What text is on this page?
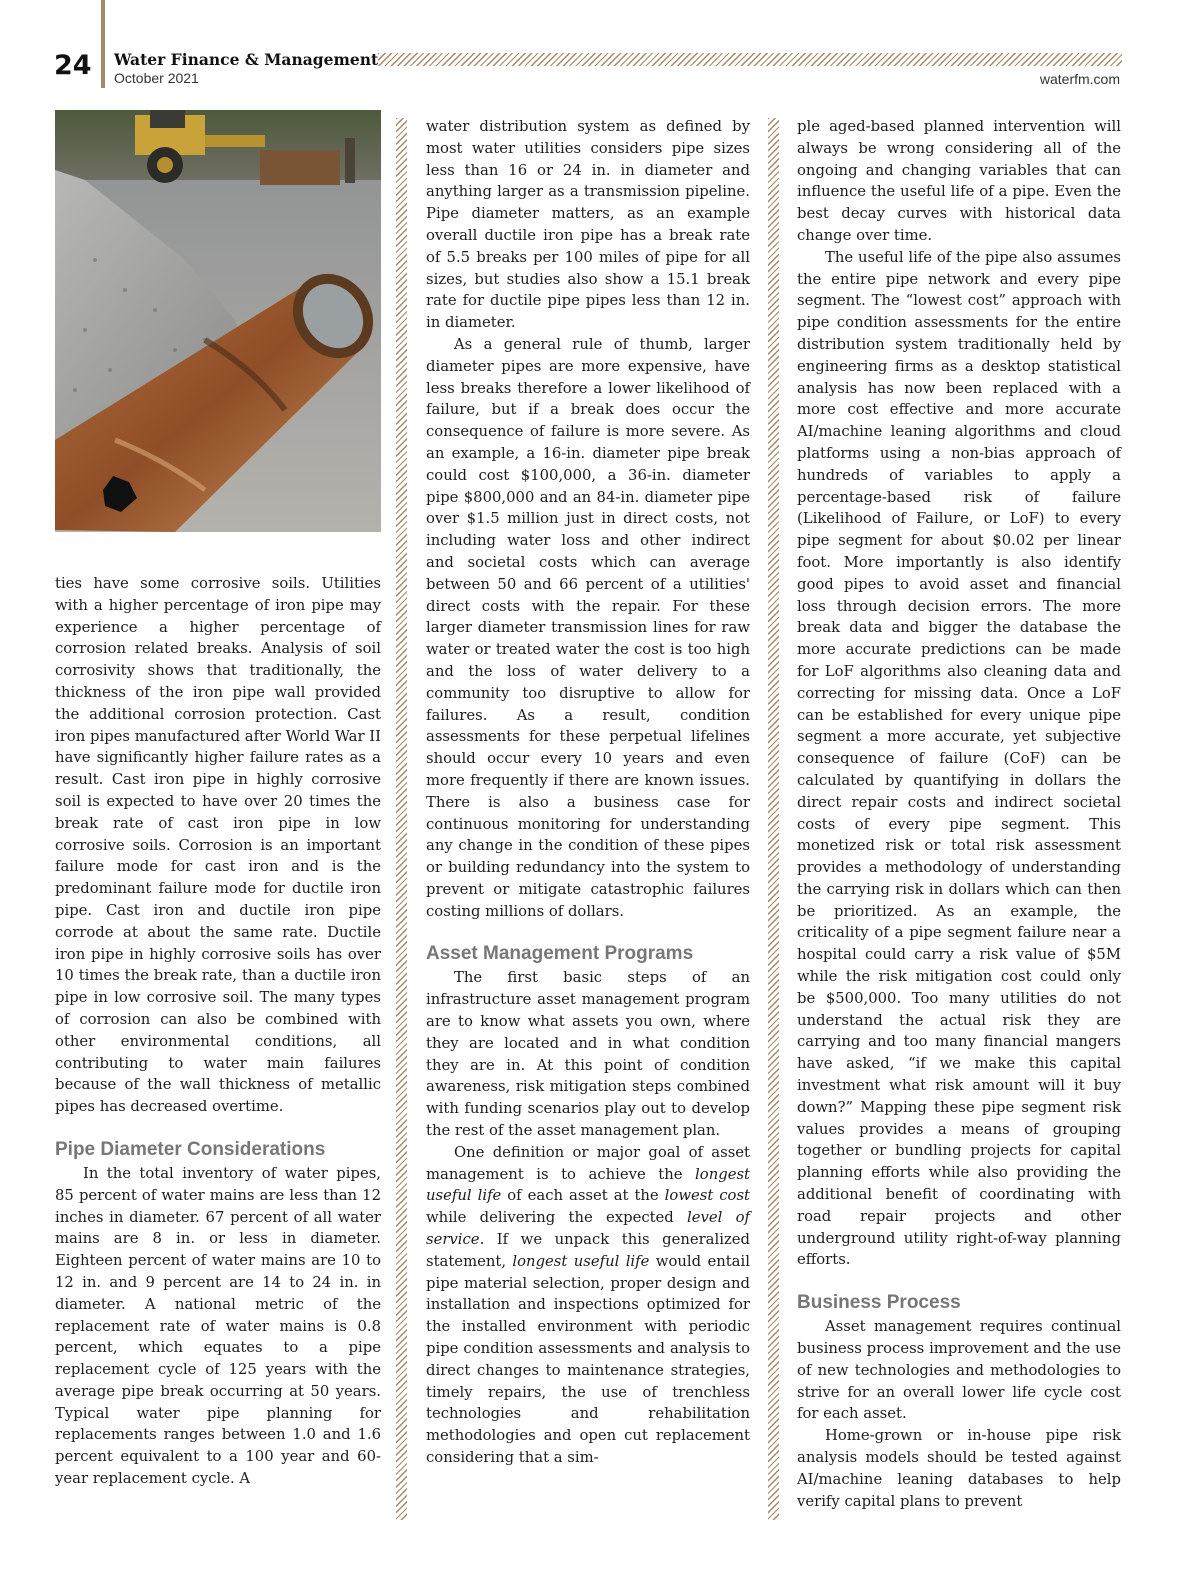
24 Water Finance & Management
October 2021	waterfm.com

ties have some corrosive soils. Utilities with a higher percentage of iron pipe may experience a higher percentage of corrosion related breaks. Analysis of soil corrosivity shows that traditionally, the thickness of the iron pipe wall provided the additional corrosion protection. Cast iron pipes manufactured after World War II have significantly higher failure rates as a result. Cast iron pipe in highly corrosive soil is expected to have over 20 times the break rate of cast iron pipe in low corrosive soils. Corrosion is an important failure mode for cast iron and is the predominant failure mode for ductile iron pipe. Cast iron and ductile iron pipe corrode at about the same rate. Ductile iron pipe in highly corrosive soils has over 10 times the break rate, than a ductile iron pipe in low corrosive soil. The many types of corrosion can also be combined with other environmental conditions, all contributing to water main failures because of the wall thickness of metallic pipes has decreased overtime.

Pipe Diameter Considerations

In the total inventory of water pipes, 85 percent of water mains are less than 12 inches in diameter. 67 percent of all water mains are 8 in. or less in diameter. Eighteen percent of water mains are 10 to 12 in. and 9 percent are 14 to 24 in. in diameter. A national metric of the replacement rate of water mains is 0.8 percent, which equates to a pipe replacement cycle of 125 years with the average pipe break occurring at 50 years. Typical water pipe planning for replacements ranges between 1.0 and 1.6 percent equivalent to a 100 year and 60-year replacement cycle. A

water distribution system as defined by most water utilities considers pipe sizes less than 16 or 24 in. in diameter and anything larger as a transmission pipeline. Pipe diameter matters, as an example overall ductile iron pipe has a break rate of 5.5 breaks per 100 miles of pipe for all sizes, but studies also show a 15.1 break rate for ductile pipe pipes less than 12 in. in diameter.

As a general rule of thumb, larger diameter pipes are more expensive, have less breaks therefore a lower likelihood of failure, but if a break does occur the consequence of failure is more severe. As an example, a 16-in. diameter pipe break could cost $100,000, a 36-in. diameter pipe $800,000 and an 84-in. diameter pipe over $1.5 million just in direct costs, not including water loss and other indirect and societal costs which can average between 50 and 66 percent of a utilities' direct costs with the repair. For these larger diameter transmission lines for raw water or treated water the cost is too high and the loss of water delivery to a community too disruptive to allow for failures. As a result, condition assessments for these perpetual lifelines should occur every 10 years and even more frequently if there are known issues. There is also a business case for continuous monitoring for understanding any change in the condition of these pipes or building redundancy into the system to prevent or mitigate catastrophic failures costing millions of dollars.

Asset Management Programs

The first basic steps of an infrastructure asset management program are to know what assets you own, where they are located and in what condition they are in. At this point of condition awareness, risk mitigation steps combined with funding scenarios play out to develop the rest of the asset management plan.

One definition or major goal of asset management is to achieve the longest useful life of each asset at the lowest cost while delivering the expected level of service. If we unpack this generalized statement, longest useful life would entail pipe material selection, proper design and installation and inspections optimized for the installed environment with periodic pipe condition assessments and analysis to direct changes to maintenance strategies, timely repairs, the use of trenchless technologies and rehabilitation methodologies and open cut replacement considering that a sim-

ple aged-based planned intervention will always be wrong considering all of the ongoing and changing variables that can influence the useful life of a pipe. Even the best decay curves with historical data change over time.

The useful life of the pipe also assumes the entire pipe network and every pipe segment. The “lowest cost” approach with pipe condition assessments for the entire distribution system traditionally held by engineering firms as a desktop statistical analysis has now been replaced with a more cost effective and more accurate AI/machine leaning algorithms and cloud platforms using a non-bias approach of hundreds of variables to apply a percentage-based risk of failure (Likelihood of Failure, or LoF) to every pipe segment for about $0.02 per linear foot. More importantly is also identify good pipes to avoid asset and financial loss through decision errors. The more break data and bigger the database the more accurate predictions can be made for LoF algorithms also cleaning data and correcting for missing data. Once a LoF can be established for every unique pipe segment a more accurate, yet subjective consequence of failure (CoF) can be calculated by quantifying in dollars the direct repair costs and indirect societal costs of every pipe segment. This monetized risk or total risk assessment provides a methodology of understanding the carrying risk in dollars which can then be prioritized. As an example, the criticality of a pipe segment failure near a hospital could carry a risk value of $5M while the risk mitigation cost could only be $500,000. Too many utilities do not understand the actual risk they are carrying and too many financial mangers have asked, “if we make this capital investment what risk amount will it buy down?” Mapping these pipe segment risk values provides a means of grouping together or bundling projects for capital planning efforts while also providing the additional benefit of coordinating with road repair projects and other underground utility right-of-way planning efforts.

Business Process

Asset management requires continual business process improvement and the use of new technologies and methodologies to strive for an overall lower life cycle cost for each asset.

Home-grown or in-house pipe risk analysis models should be tested against AI/machine leaning databases to help verify capital plans to prevent
